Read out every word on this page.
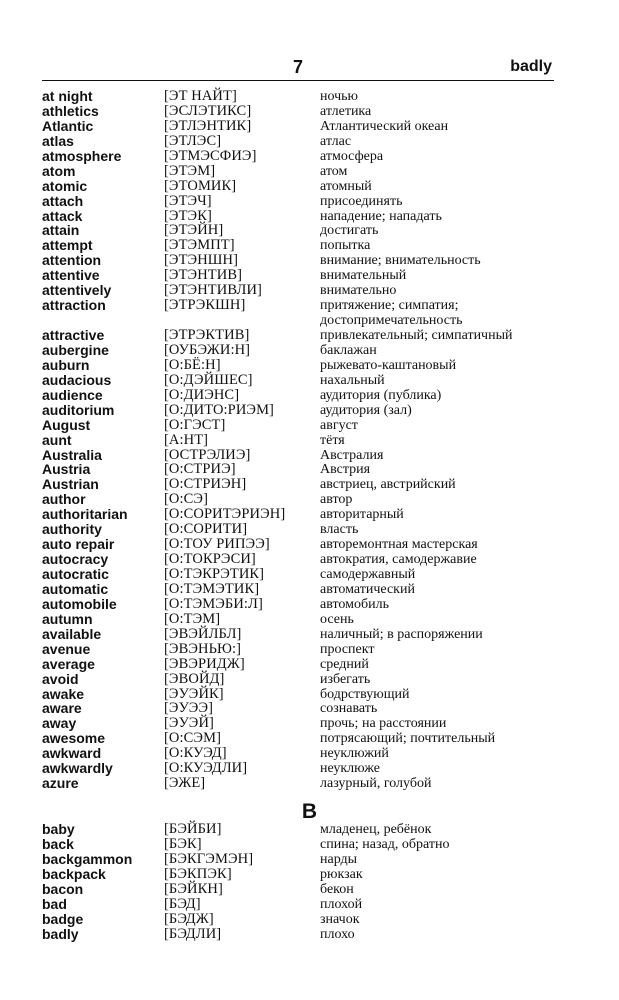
7	badly
at night	[ЭТ НАЙТ]	ночью
athletics	[ЭСЛЭТИКС]	атлетика
Atlantic	[ЭТЛЭНТИК]	Атлантический океан
atlas	[ЭТЛЭС]	атлас
atmosphere	[ЭТМЭСФИЭ]	атмосфера
atom	[ЭТЭМ]	атом
atomic	[ЭТОМИК]	атомный
attach	[ЭТЭЧ]	присоединять
attack	[ЭТЭК]	нападение; нападать
attain	[ЭТЭЙН]	достигать
attempt	[ЭТЭМПТ]	попытка
attention	[ЭТЭНШН]	внимание; внимательность
attentive	[ЭТЭНТИВ]	внимательный
attentively	[ЭТЭНТИВЛИ]	внимательно
attraction	[ЭТРЭКШН]	притяжение; симпатия; достопримечательность
attractive	[ЭТРЭКТИВ]	привлекательный; симпатичный
aubergine	[ОУБЭЖИ:Н]	баклажан
auburn	[О:БЁ:Н]	рыжевато-каштановый
audacious	[О:ДЭЙШЕС]	нахальный
audience	[О:ДИЭНС]	аудитория (публика)
auditorium	[О:ДИТО:РИЭМ]	аудитория (зал)
August	[О:ГЭСТ]	август
aunt	[А:НТ]	тётя
Australia	[ОСТРЭЛИЭ]	Австралия
Austria	[О:СТРИЭ]	Австрия
Austrian	[О:СТРИЭН]	австриец, австрийский
author	[О:СЭ]	автор
authoritarian	[О:СОРИТЭРИЭН] авторитарный
authority	[О:СОРИТИ]	власть
auto repair	[О:ТОУ РИПЭЭ]	авторемонтная мастерская
autocracy	[О:ТОКРЭСИ]	автократия, самодержавие
autocratic	[О:ТЭКРЭТИК]	самодержавный
automatic	[О:ТЭМЭТИК]	автоматический
automobile	[О:ТЭМЭБИ:Л]	автомобиль
autumn	[О:ТЭМ]	осень
available	[ЭВЭЙЛБЛ]	наличный; в распоряжении
avenue	[ЭВЭНЬЮ:]	проспект
average	[ЭВЭРИДЖ]	средний
avoid	[ЭВОЙД]	избегать
awake	[ЭУЭЙК]	бодрствующий
aware	[ЭУЭЭ]	сознавать
away	[ЭУЭЙ]	прочь; на расстоянии
awesome	[О:СЭМ]	потрясающий; почтительный
awkward	[О:КУЭД]	неуклюжий
awkwardly	[О:КУЭДЛИ]	неуклюже
azure	[ЭЖЕ]	лазурный, голубой
B
baby	[БЭЙБИ]	младенец, ребёнок
back	[БЭК]	спина; назад, обратно
backgammon [БЭКГЭМЭН]	нарды
backpack	[БЭКПЭК]	рюкзак
bacon	[БЭЙКН]	бекон
bad	[БЭД]	плохой
badge	[БЭДЖ]	значок
badly	[БЭДЛИ]	плохо
